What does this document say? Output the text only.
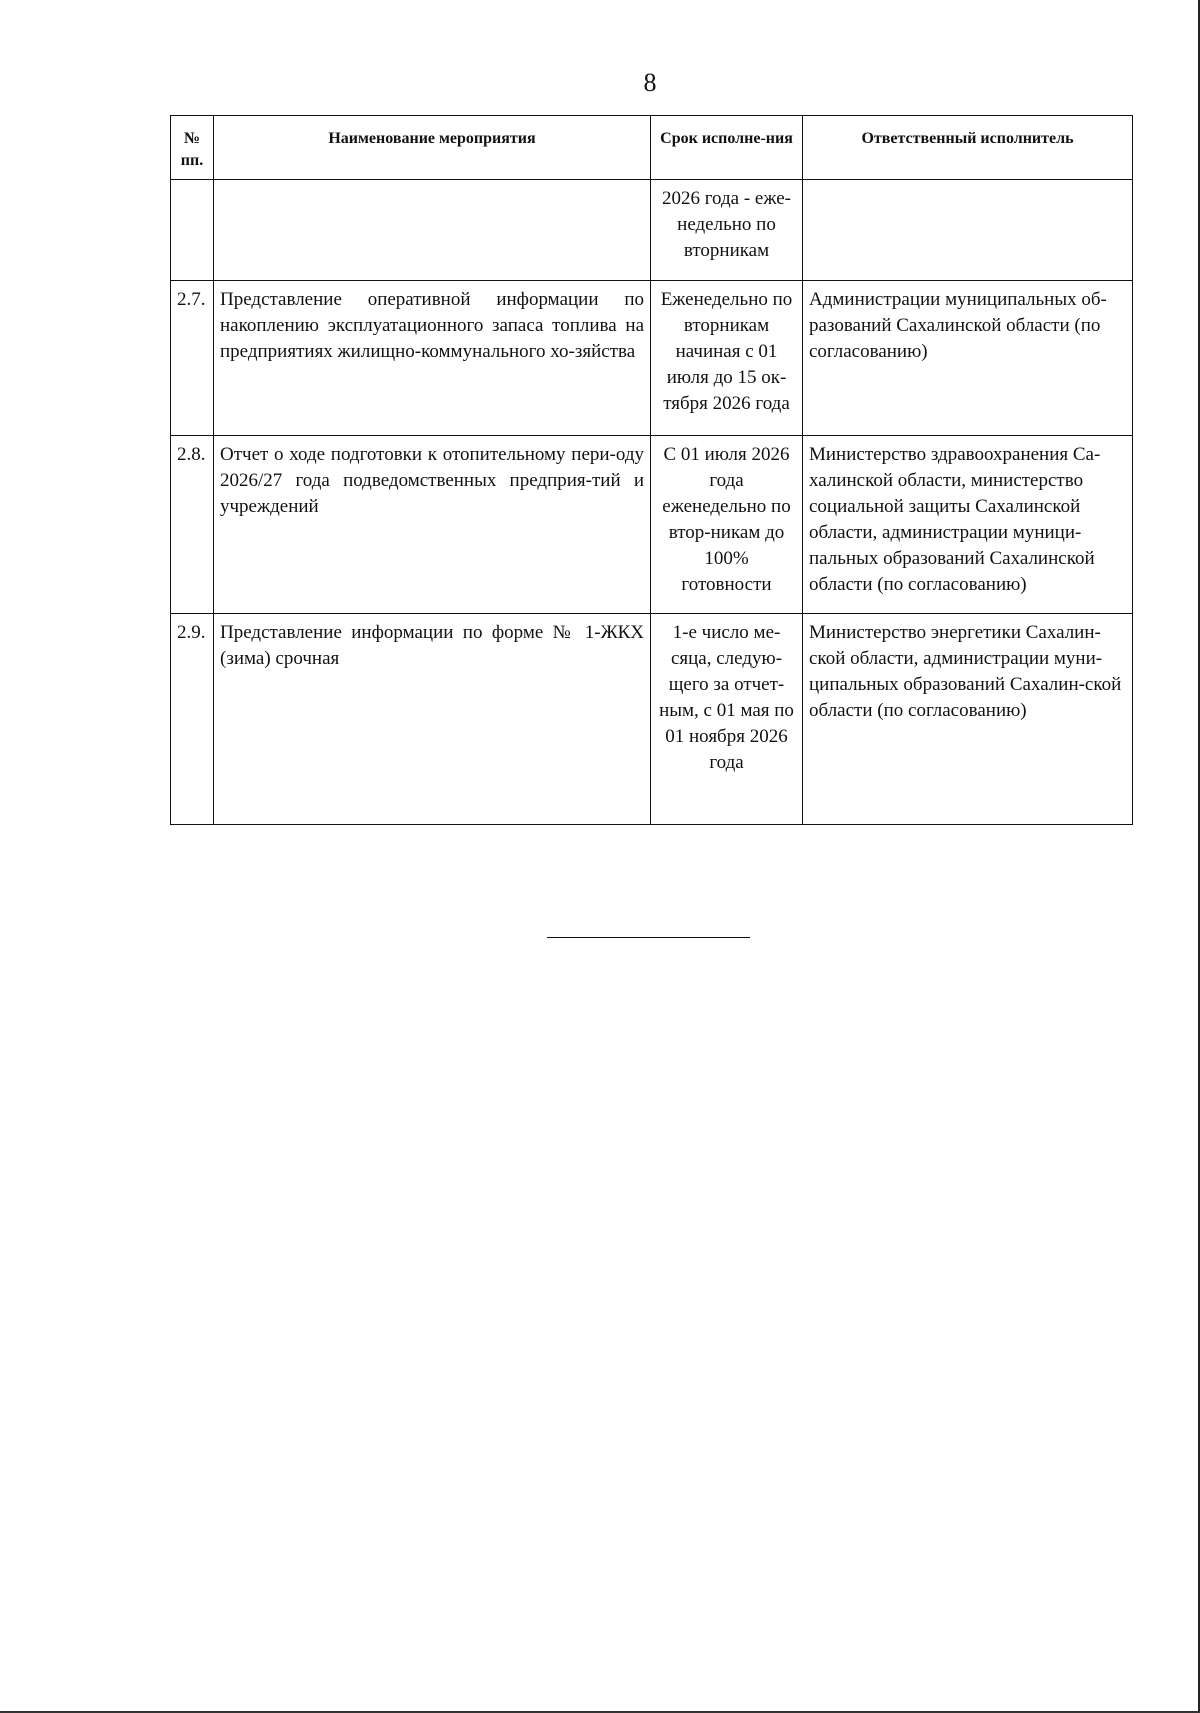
8
№ пп.	Наименование мероприятия	Срок исполне-ния	Ответственный исполнитель
		2026 года - еже-недельно по вторникам	
2.7.	Представление оперативной информации по накоплению эксплуатационного запаса топлива на предприятиях жилищно-коммунального хо-зяйства	Еженедельно по вторникам начиная с 01 июля до 15 ок-тября 2026 года	Администрации муниципальных об-разований Сахалинской области (по согласованию)
2.8.	Отчет о ходе подготовки к отопительному пери-оду 2026/27 года подведомственных предприя-тий и учреждений	С 01 июля 2026 года еженедельно по втор-никам до 100% готовности	Министерство здравоохранения Са-халинской области, министерство социальной защиты Сахалинской области, администрации муници-пальных образований Сахалинской области (по согласованию)
2.9.	Представление информации по форме № 1-ЖКХ (зима) срочная	1-е число ме-сяца, следую-щего за отчет-ным, с 01 мая по 01 ноября 2026 года	Министерство энергетики Сахалин-ской области, администрации муни-ципальных образований Сахалин-ской области (по согласованию)
